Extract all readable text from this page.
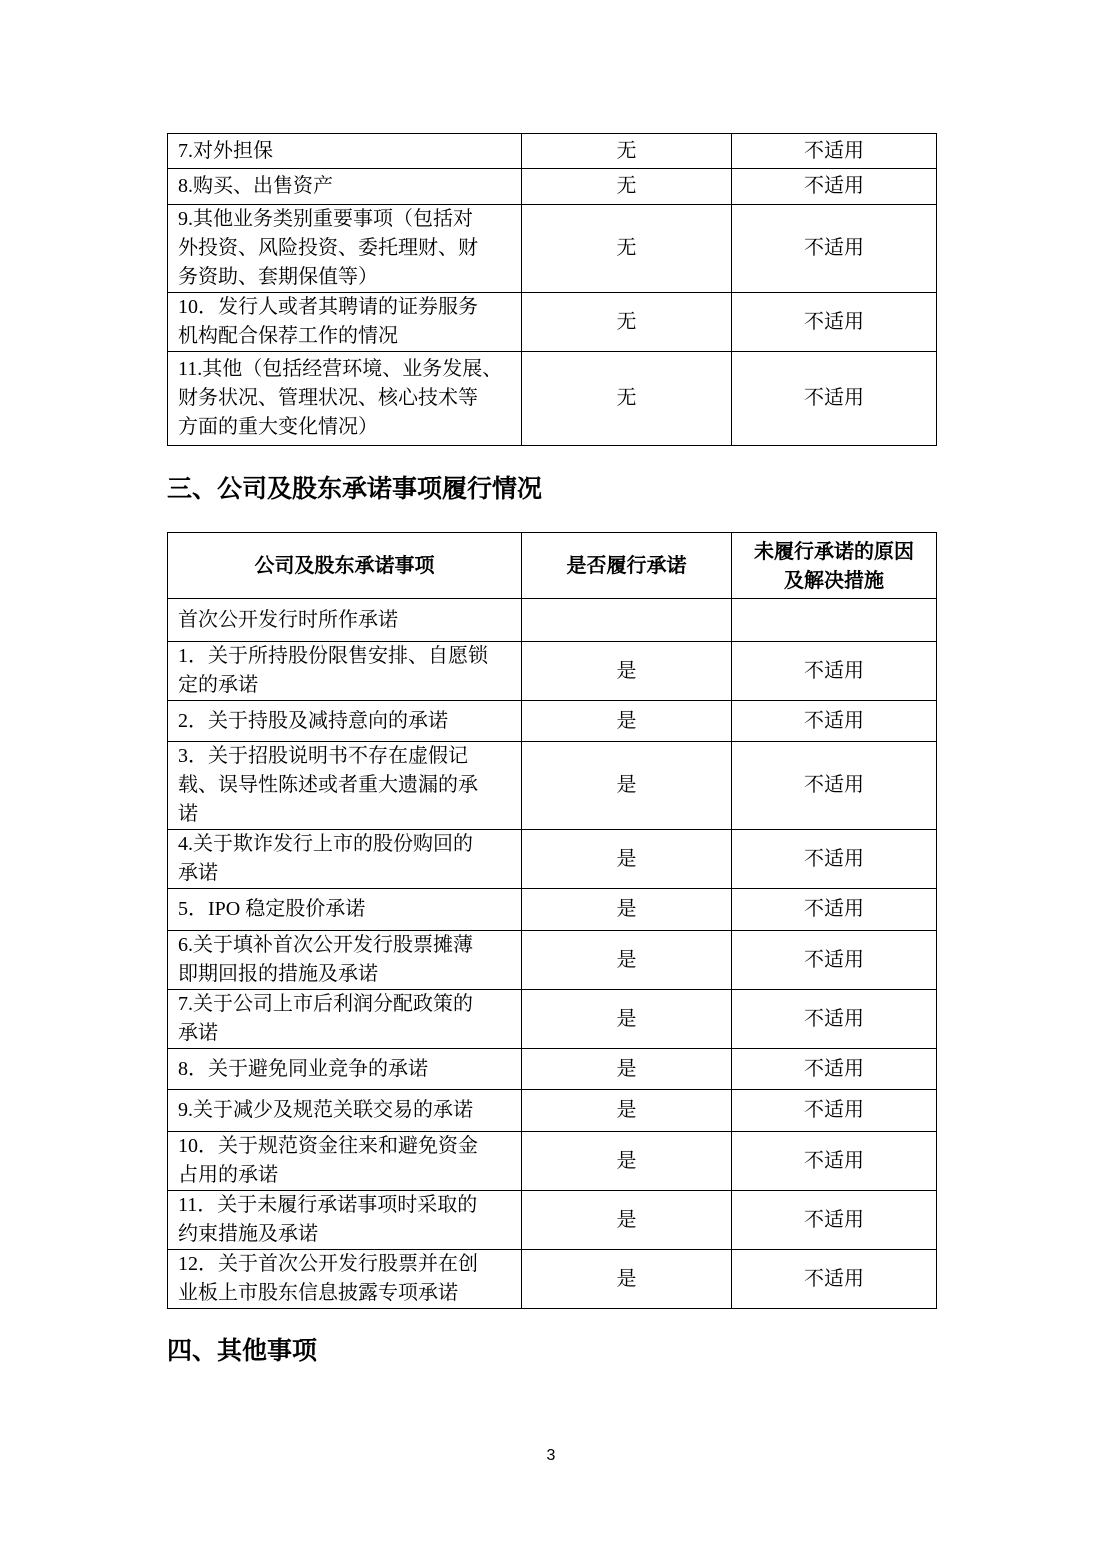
7.对外担保	无	不适用
8.购买、出售资产	无	不适用
9.其他业务类别重要事项（包括对
外投资、风险投资、委托理财、财
务资助、套期保值等）	无	不适用
10．发行人或者其聘请的证券服务
机构配合保荐工作的情况	无	不适用
11.其他（包括经营环境、业务发展、
财务状况、管理状况、核心技术等
方面的重大变化情况）	无	不适用
三、公司及股东承诺事项履行情况
公司及股东承诺事项	是否履行承诺	未履行承诺的原因
及解决措施
首次公开发行时所作承诺		
1．关于所持股份限售安排、自愿锁
定的承诺	是	不适用
2．关于持股及减持意向的承诺	是	不适用
3．关于招股说明书不存在虚假记
载、误导性陈述或者重大遗漏的承
诺	是	不适用
4.关于欺诈发行上市的股份购回的
承诺	是	不适用
5．IPO 稳定股价承诺	是	不适用
6.关于填补首次公开发行股票摊薄
即期回报的措施及承诺	是	不适用
7.关于公司上市后利润分配政策的
承诺	是	不适用
8．关于避免同业竞争的承诺	是	不适用
9.关于减少及规范关联交易的承诺	是	不适用
10．关于规范资金往来和避免资金
占用的承诺	是	不适用
11．关于未履行承诺事项时采取的
约束措施及承诺	是	不适用
12．关于首次公开发行股票并在创
业板上市股东信息披露专项承诺	是	不适用
四、其他事项
3
